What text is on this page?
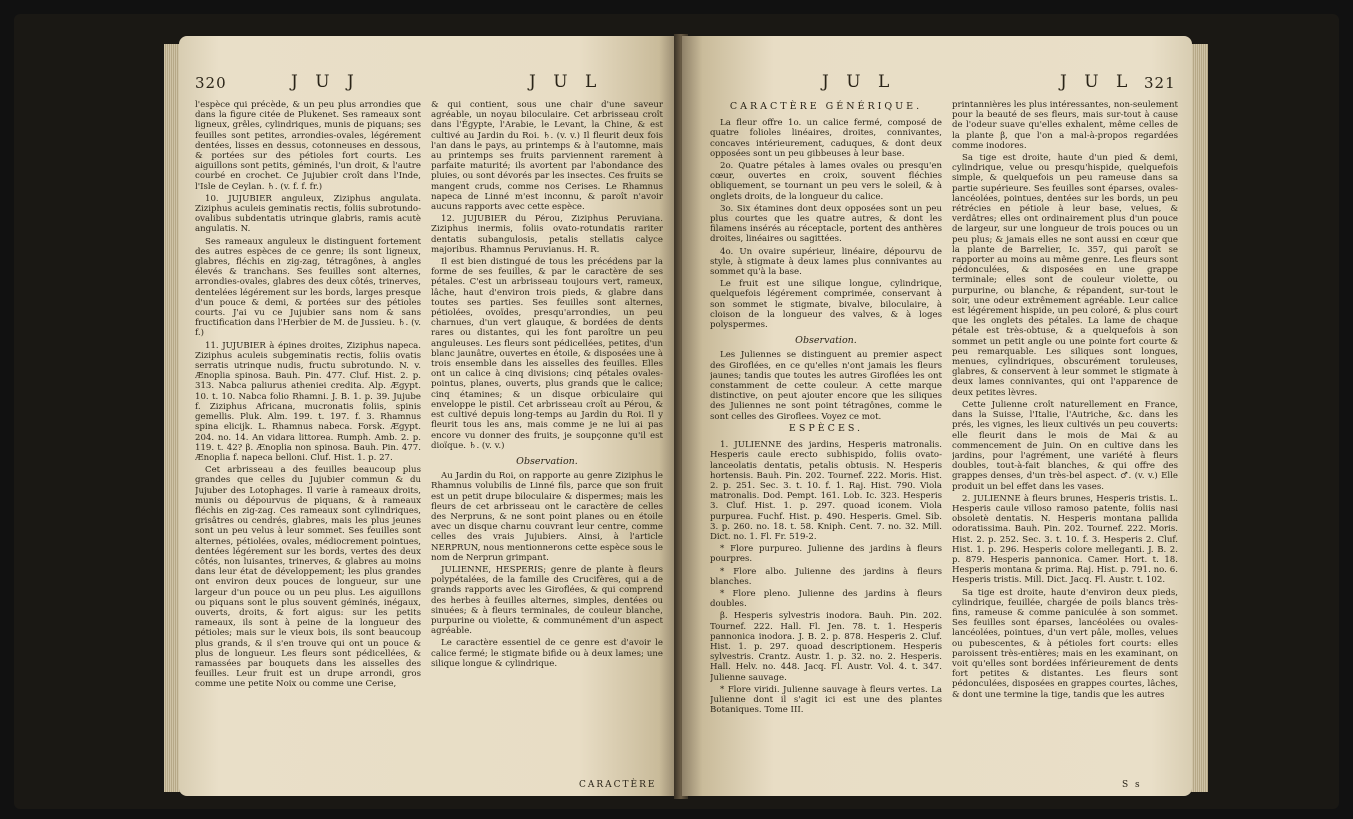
320	J U J	J U L

l'espèce qui précède, & un peu plus arrondies que dans la figure citée de Plukenet. Ses rameaux sont ligneux, grêles, cylindriques, munis de piquans; ses feuilles sont petites, arrondies-ovales, légérement dentées, lisses en dessus, cotonneuses en dessous, & portées sur des pétioles fort courts. Les aiguillons sont petits, géminés, l'un droit, & l'autre courbé en crochet. Ce Jujubier croît dans l'Inde, l'Isle de Ceylan. ♄. (v. f. f. fr.)

10. JUJUBIER anguleux, Ziziphus angulata. Ziziphus aculeis geminatis rectis, foliis subrotundo-ovalibus subdentatis utrinque glabris, ramis acutè angulatis. N.

Ses rameaux anguleux le distinguent fortement des autres espèces de ce genre; ils sont ligneux, glabres, fléchis en zig-zag, tétragônes, à angles élevés & tranchans. Ses feuilles sont alternes, arrondies-ovales, glabres des deux côtés, trinerves, dentelées légérement sur les bords, larges presque d'un pouce & demi, & portées sur des pétioles courts. J'ai vu ce Jujubier sans nom & sans fructification dans l'Herbier de M. de Jussieu. ♄. (v. f.)

11. JUJUBIER à épines droites, Ziziphus napeca. Ziziphus aculeis subgeminatis rectis, foliis ovatis serratis utrinque nudis, fructu subrotundo. N. v. Ænoplia spinosa. Bauh. Pin. 477. Cluf. Hist. 2. p. 313. Nabca paliurus atheniei credita. Alp. Ægypt. 10. t. 10. Nabca folio Rhamni. J. B. 1. p. 39. Jujube f. Ziziphus Africana, mucronatis foliis, spinis gemellis. Pluk. Alm. 199. t. 197. f. 3. Rhamnus spina elicijk. L. Rhamnus nabeca. Forsk. Ægypt. 204. no. 14. An vidara littorea. Rumph. Amb. 2. p. 119. t. 42? β. Ænoplia non spinosa. Bauh. Pin. 477. Ænoplia f. napeca belloni. Cluf. Hist. 1. p. 27.

Cet arbrisseau a des feuilles beaucoup plus grandes que celles du Jujubier commun & du Jujuber des Lotophages. Il varie à rameaux droits, munis ou dépourvus de piquans, & à rameaux fléchis en zig-zag. Ces rameaux sont cylindriques, grisâtres ou cendrés, glabres, mais les plus jeunes sont un peu velus à leur sommet. Ses feuilles sont alternes, pétiolées, ovales, médiocrement pointues, dentées légérement sur les bords, vertes des deux côtés, non luisantes, trinerves, & glabres au moins dans leur état de développement; les plus grandes ont environ deux pouces de longueur, sur une largeur d'un pouce ou un peu plus. Les aiguillons ou piquans sont le plus souvent géminés, inégaux, ouverts, droits, & fort aigus: sur les petits rameaux, ils sont à peine de la longueur des pétioles; mais sur le vieux bois, ils sont beaucoup plus grands, & il s'en trouve qui ont un pouce & plus de longueur. Les fleurs sont pédicellées, & ramassées par bouquets dans les aisselles des feuilles. Leur fruit est un drupe arrondi, gros comme une petite Noix ou comme une Cerise,

& qui contient, sous une chair d'une saveur agréable, un noyau biloculaire. Cet arbrisseau croît dans l'Égypte, l'Arabie, le Levant, la Chine, & est cultivé au Jardin du Roi. ♄. (v. v.) Il fleurit deux fois l'an dans le pays, au printemps & à l'automne, mais au printemps ses fruits parviennent rarement à parfaite maturité; ils avortent par l'abondance des pluies, ou sont dévorés par les insectes. Ces fruits se mangent cruds, comme nos Cerises. Le Rhamnus napeca de Linné m'est inconnu, & paroît n'avoir aucuns rapports avec cette espèce.

12. JUJUBIER du Pérou, Ziziphus Peruviana. Ziziphus inermis, foliis ovato-rotundatis rariter dentatis subangulosis, petalis stellatis calyce majoribus. Rhamnus Peruvianus. H. R.

Il est bien distingué de tous les précédens par la forme de ses feuilles, & par le caractère de ses pétales. C'est un arbrisseau toujours vert, rameux, lâche, haut d'environ trois pieds, & glabre dans toutes ses parties. Ses feuilles sont alternes, pétiolées, ovoïdes, presqu'arrondies, un peu charnues, d'un vert glauque, & bordées de dents rares ou distantes, qui les font paroître un peu anguleuses. Les fleurs sont pédicellées, petites, d'un blanc jaunâtre, ouvertes en étoile, & disposées une à trois ensemble dans les aisselles des feuilles. Elles ont un calice à cinq divisions; cinq pétales ovales-pointus, planes, ouverts, plus grands que le calice; cinq étamines; & un disque orbiculaire qui enveloppe le pistil. Cet arbrisseau croît au Pérou, & est cultivé depuis long-temps au Jardin du Roi. Il y fleurit tous les ans, mais comme je ne lui ai pas encore vu donner des fruits, je soupçonne qu'il est dioïque. ♄. (v. v.)

Observation.

Au Jardin du Roi, on rapporte au genre Ziziphus le Rhamnus volubilis de Linné fils, parce que son fruit est un petit drupe biloculaire & dispermes; mais les fleurs de cet arbrisseau ont le caractère de celles des Nerpruns, & ne sont point planes ou en étoile avec un disque charnu couvrant leur centre, comme celles des vrais Jujubiers. Ainsi, à l'article NERPRUN, nous mentionnerons cette espèce sous le nom de Nerprun grimpant.

JULIENNE, HESPERIS; genre de plante à fleurs polypétalées, de la famille des Crucifères, qui a de grands rapports avec les Giroflées, & qui comprend des herbes à feuilles alternes, simples, dentées ou sinuées; & à fleurs terminales, de couleur blanche, purpurine ou violette, & communément d'un aspect agréable.

Le caractère essentiel de ce genre est d'avoir le calice fermé; le stigmate bifide ou à deux lames; une silique longue & cylindrique.

CARACTÈRE
J U L	J U L 321
CARACTÈRE GÉNÉRIQUE.

La fleur offre 1o. un calice fermé, composé de quatre folioles linéaires, droites, connivantes, concaves intérieurement, caduques, & dont deux opposées sont un peu gibbeuses à leur base.

2o. Quatre pétales à lames ovales ou presqu'en cœur, ouvertes en croix, souvent fléchies obliquement, se tournant un peu vers le soleil, & à onglets droits, de la longueur du calice.

3o. Six étamines dont deux opposées sont un peu plus courtes que les quatre autres, & dont les filamens insérés au réceptacle, portent des anthères droites, linéaires ou sagittées.

4o. Un ovaire supérieur, linéaire, dépourvu de style, à stigmate à deux lames plus connivantes au sommet qu'à la base.

Le fruit est une silique longue, cylindrique, quelquefois légérement comprimée, conservant à son sommet le stigmate, bivalve, biloculaire, à cloison de la longueur des valves, & à loges polyspermes.

Observation.

Les Juliennes se distinguent au premier aspect des Giroflées, en ce qu'elles n'ont jamais les fleurs jaunes; tandis que toutes les autres Giroflées les ont constamment de cette couleur. A cette marque distinctive, on peut ajouter encore que les siliques des Juliennes ne sont point tétragônes, comme le sont celles des Giroflees. Voyez ce mot.

ESPÈCES.

1. JULIENNE des jardins, Hesperis matronalis. Hesperis caule erecto subhispido, foliis ovato-lanceolatis dentatis, petalis obtusis. N. Hesperis hortensis. Bauh. Pin. 202. Tournef. 222. Moris. Hist. 2. p. 251. Sec. 3. t. 10. f. 1. Raj. Hist. 790. Viola matronalis. Dod. Pempt. 161. Lob. Ic. 323. Hesperis 3. Cluf. Hist. 1. p. 297. quoad iconem. Viola purpurea. Fuchf. Hist. p. 490. Hesperis. Gmel. Sib. 3. p. 260. no. 18. t. 58. Kniph. Cent. 7. no. 32. Mill. Dict. no. 1. Fl. Fr. 519-2.

* Flore purpureo. Julienne des jardins à fleurs pourpres.

* Flore albo. Julienne des jardins à fleurs blanches.

* Flore pleno. Julienne des jardins à fleurs doubles.

β. Hesperis sylvestris inodora. Bauh. Pin. 202. Tournef. 222. Hall. Fl. Jen. 78. t. 1. Hesperis pannonica inodora. J. B. 2. p. 878. Hesperis 2. Cluf. Hist. 1. p. 297. quoad descriptionem. Hesperis sylvestris. Crantz. Austr. 1. p. 32. no. 2. Hesperis. Hall. Helv. no. 448. Jacq. Fl. Austr. Vol. 4. t. 347. Julienne sauvage.

* Flore viridi. Julienne sauvage à fleurs vertes. La Julienne dont il s'agit ici est une des plantes Botaniques. Tome III.

printannières les plus intéressantes, non-seulement pour la beauté de ses fleurs, mais sur-tout à cause de l'odeur suave qu'elles exhalent, même celles de la plante β, que l'on a mal-à-propos regardées comme inodores.

Sa tige est droite, haute d'un pied & demi, cylindrique, velue ou presqu'hispide, quelquefois simple, & quelquefois un peu rameuse dans sa partie supérieure. Ses feuilles sont éparses, ovales-lancéolées, pointues, dentées sur les bords, un peu rétrécies en pétiole à leur base, velues, & verdâtres; elles ont ordinairement plus d'un pouce de largeur, sur une longueur de trois pouces ou un peu plus; & jamais elles ne sont aussi en cœur que la plante de Barrelier, Ic. 357, qui paroît se rapporter au moins au même genre. Les fleurs sont pédonculées, & disposées en une grappe terminale; elles sont de couleur violette, ou purpurine, ou blanche, & répandent, sur-tout le soir, une odeur extrêmement agréable. Leur calice est légérement hispide, un peu coloré, & plus court que les onglets des pétales. La lame de chaque pétale est très-obtuse, & a quelquefois à son sommet un petit angle ou une pointe fort courte & peu remarquable. Les siliques sont longues, menues, cylindriques, obscurément toruleuses, glabres, & conservent à leur sommet le stigmate à deux lames connivantes, qui ont l'apparence de deux petites lèvres.

Cette Julienne croît naturellement en France, dans la Suisse, l'Italie, l'Autriche, &c. dans les prés, les vignes, les lieux cultivés un peu couverts: elle fleurit dans le mois de Mai & au commencement de Juin. On en cultive dans les jardins, pour l'agrément, une variété à fleurs doubles, tout-à-fait blanches, & qui offre des grappes denses, d'un très-bel aspect. ♂. (v. v.) Elle produit un bel effet dans les vases.

2. JULIENNE à fleurs brunes, Hesperis tristis. L. Hesperis caule villoso ramoso patente, foliis nasi obsoletè dentatis. N. Hesperis montana pallida odoratissima. Bauh. Pin. 202. Tournef. 222. Moris. Hist. 2. p. 252. Sec. 3. t. 10. f. 3. Hesperis 2. Cluf. Hist. 1. p. 296. Hesperis colore melleganti. J. B. 2. p. 879. Hesperis pannonica. Camer. Hort. t. 18. Hesperis montana & prima. Raj. Hist. p. 791. no. 6. Hesperis tristis. Mill. Dict. Jacq. Fl. Austr. t. 102.

Sa tige est droite, haute d'environ deux pieds, cylindrique, feuillée, chargée de poils blancs très-fins, rameuse & comme paniculée à son sommet. Ses feuilles sont éparses, lancéolées ou ovales-lancéolées, pointues, d'un vert pâle, molles, velues ou pubescentes, & à pétioles fort courts: elles paroissent très-entières; mais en les examinant, on voit qu'elles sont bordées inférieurement de dents fort petites & distantes. Les fleurs sont pédonculées, disposées en grappes courtes, lâches, & dont une termine la tige, tandis que les autres

S s
